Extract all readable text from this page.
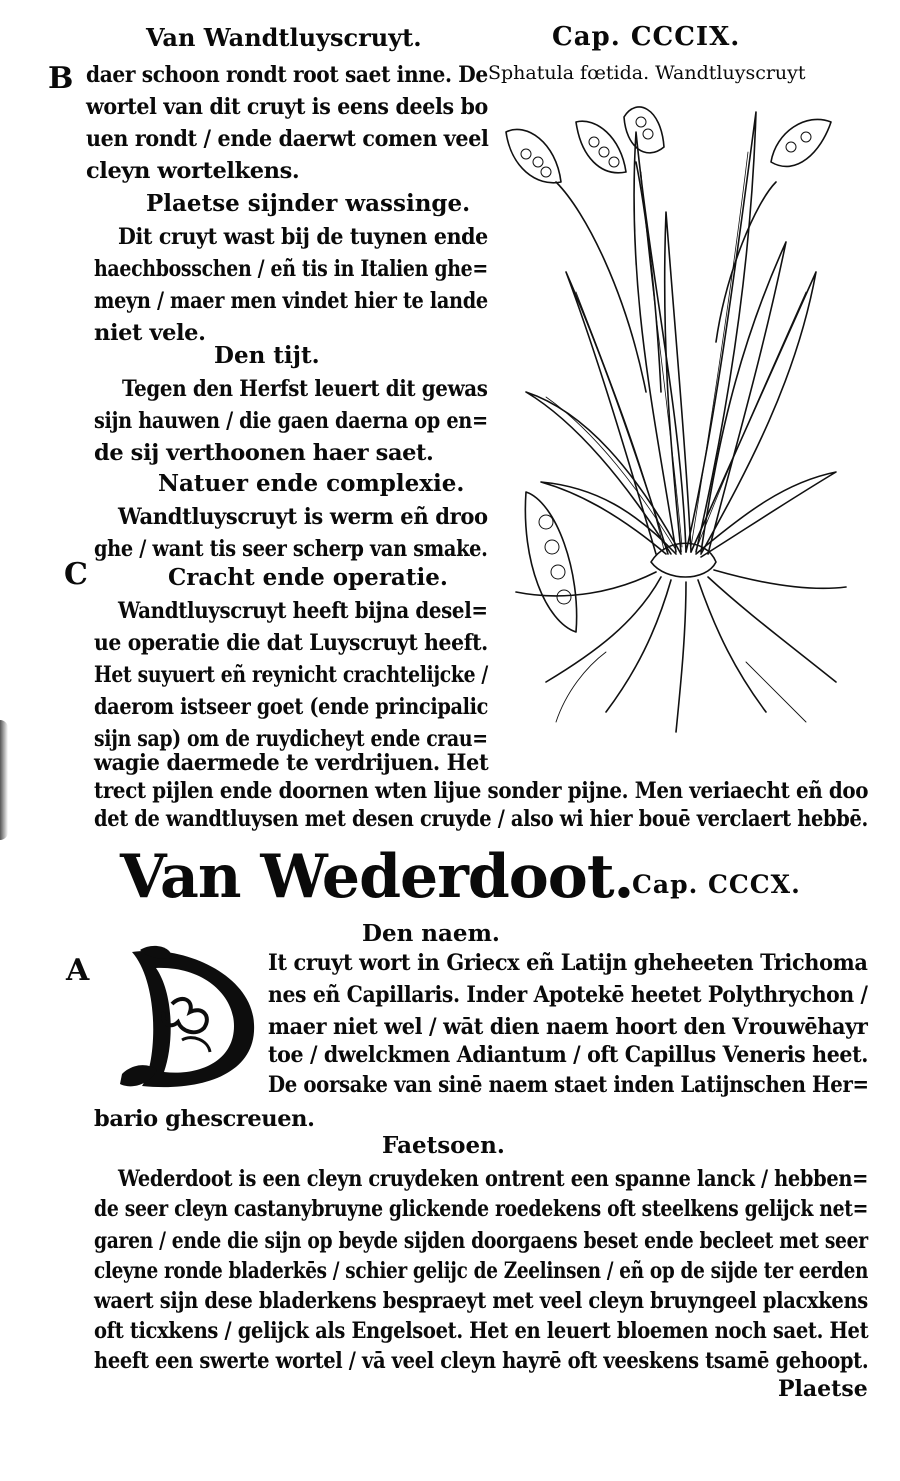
Van Wandtluyscruyt.	Cap. CCCIX.
Sphatula fœtida. Wandtluyscruyt
B daer schoon rondt root saet inne. De
wortel van dit cruyt is eens deels bo
uen rondt / ende daerwt comen veel
cleyn wortelkens.
Plaetse sijnder wassinge.
Dit cruyt wast bij de tuynen ende
haechbosschen / eñ tis in Italien ghe=
meyn / maer men vindet hier te lande
niet vele.
Den tijt.
Tegen den Herfst leuert dit gewas
sijn hauwen / die gaen daerna op en=
de sij verthoonen haer saet.
Natuer ende complexie.
Wandtluyscruyt is werm eñ droo
ghe / want tis seer scherp van smake.
C	Cracht ende operatie.
Wandtluyscruyt heeft bijna desel=
ue operatie die dat Luyscruyt heeft.
Het suyuert eñ reynicht crachtelijcke /
daerom istseer goet (ende principalic
sijn sap) om de ruydicheyt ende crau=
wagie daermede te verdrijuen. Het
trect pijlen ende doornen wten lijue sonder pijne. Men veriaecht eñ doo
det de wandtluysen met desen cruyde / also wi hier bouē verclaert hebbē.
Van Wederdoot.
Cap. CCCX.
Den naem.
A	It cruyt wort in Griecx eñ Latijn gheheeten Trichoma
nes eñ Capillaris. Inder Apotekē heetet Polythrychon /
maer niet wel / wāt dien naem hoort den Vrouwēhayr
toe / dwelckmen Adiantum / oft Capillus Veneris heet.
De oorsake van sinē naem staet inden Latijnschen Her=
bario ghescreuen.
Faetsoen.
Wederdoot is een cleyn cruydeken ontrent een spanne lanck / hebben=
de seer cleyn castanybruyne glickende roedekens oft steelkens gelijck net=
garen / ende die sijn op beyde sijden doorgaens beset ende becleet met seer
cleyne ronde bladerkēs / schier gelijc de Zeelinsen / eñ op de sijde ter eerden
waert sijn dese bladerkens bespraeyt met veel cleyn bruyngeel placxkens
oft ticxkens / gelijck als Engelsoet. Het en leuert bloemen noch saet. Het
heeft een swerte wortel / vā veel cleyn hayrē oft veeskens tsamē gehoopt.
Plaetse
